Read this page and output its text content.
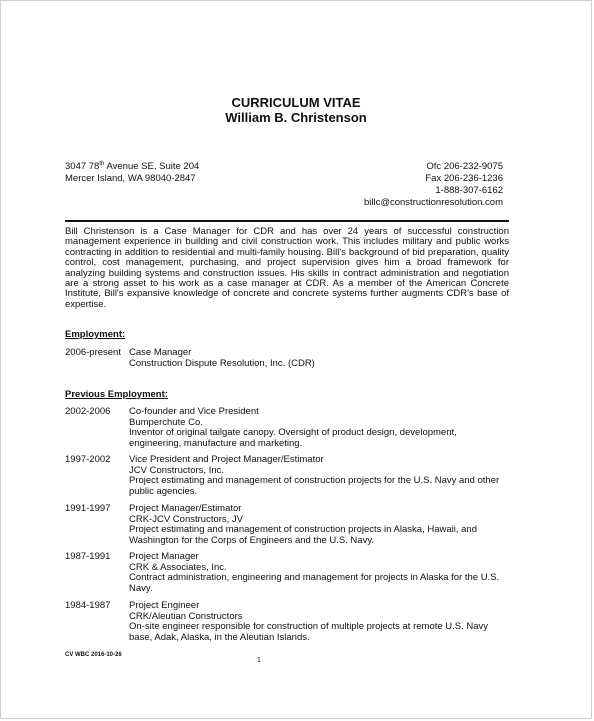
CURRICULUM VITAE
William B. Christenson
3047 78th Avenue SE, Suite 204
Mercer Island, WA 98040-2847
Ofc 206-232-9075
Fax 206-236-1236
1-888-307-6162
billc@constructionresolution.com
Bill Christenson is a Case Manager for CDR and has over 24 years of successful construction management experience in building and civil construction work. This includes military and public works contracting in addition to residential and multi-family housing. Bill's background of bid preparation, quality control, cost management, purchasing, and project supervision gives him a broad framework for analyzing building systems and construction issues. His skills in contract administration and negotiation are a strong asset to his work as a case manager at CDR. As a member of the American Concrete Institute, Bill's expansive knowledge of concrete and concrete systems further augments CDR's base of expertise.
Employment:
2006-present Case Manager
Construction Dispute Resolution, Inc. (CDR)
Previous Employment:
2002-2006 Co-founder and Vice President
Bumperchute Co.
Inventor of original tailgate canopy. Oversight of product design, development, engineering, manufacture and marketing.
1997-2002 Vice President and Project Manager/Estimator
JCV Constructors, Inc.
Project estimating and management of construction projects for the U.S. Navy and other public agencies.
1991-1997 Project Manager/Estimator
CRK-JCV Constructors, JV
Project estimating and management of construction projects in Alaska, Hawaii, and Washington for the Corps of Engineers and the U.S. Navy.
1987-1991 Project Manager
CRK & Associates, Inc.
Contract administration, engineering and management for projects in Alaska for the U.S. Navy.
1984-1987 Project Engineer
CRK/Aleutian Constructors
On-site engineer responsible for construction of multiple projects at remote U.S. Navy base, Adak, Alaska, in the Aleutian Islands.
CV WBC 2016-10-26
1
